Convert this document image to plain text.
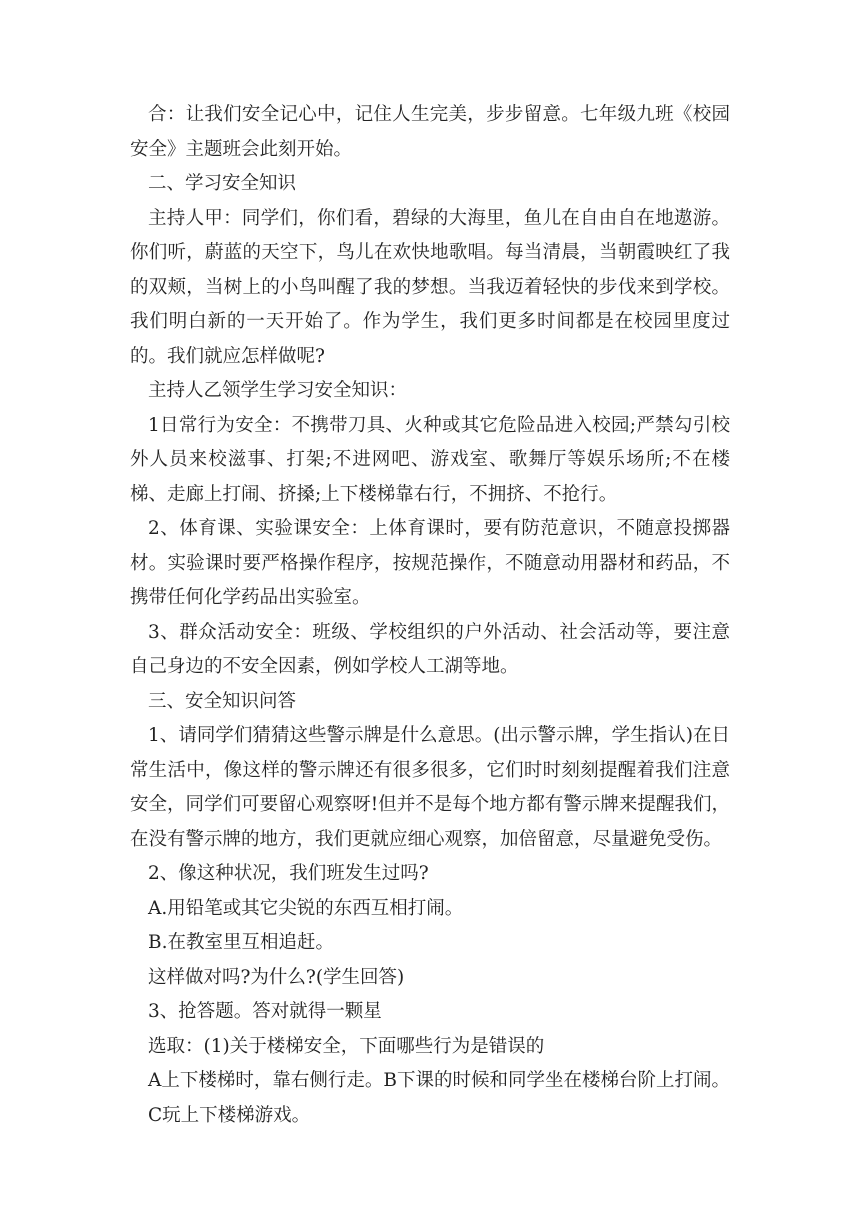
合：让我们安全记心中，记住人生完美，步步留意。七年级九班《校园安全》主题班会此刻开始。

二、学习安全知识

主持人甲：同学们，你们看，碧绿的大海里，鱼儿在自由自在地遨游。你们听，蔚蓝的天空下，鸟儿在欢快地歌唱。每当清晨，当朝霞映红了我的双颊，当树上的小鸟叫醒了我的梦想。当我迈着轻快的步伐来到学校。我们明白新的一天开始了。作为学生，我们更多时间都是在校园里度过的。我们就应怎样做呢?

主持人乙领学生学习安全知识：

1日常行为安全：不携带刀具、火种或其它危险品进入校园;严禁勾引校外人员来校滋事、打架;不进网吧、游戏室、歌舞厅等娱乐场所;不在楼梯、走廊上打闹、挤搡;上下楼梯靠右行，不拥挤、不抢行。

2、体育课、实验课安全：上体育课时，要有防范意识，不随意投掷器材。实验课时要严格操作程序，按规范操作，不随意动用器材和药品，不携带任何化学药品出实验室。

3、群众活动安全：班级、学校组织的户外活动、社会活动等，要注意自己身边的不安全因素，例如学校人工湖等地。

三、安全知识问答

1、请同学们猜猜这些警示牌是什么意思。(出示警示牌，学生指认)在日常生活中，像这样的警示牌还有很多很多，它们时时刻刻提醒着我们注意安全，同学们可要留心观察呀!但并不是每个地方都有警示牌来提醒我们，在没有警示牌的地方，我们更就应细心观察，加倍留意，尽量避免受伤。

2、像这种状况，我们班发生过吗?

A.用铅笔或其它尖锐的东西互相打闹。

B.在教室里互相追赶。

这样做对吗?为什么?(学生回答)

3、抢答题。答对就得一颗星

选取：(1)关于楼梯安全，下面哪些行为是错误的

A上下楼梯时，靠右侧行走。B下课的时候和同学坐在楼梯台阶上打闹。

C玩上下楼梯游戏。
